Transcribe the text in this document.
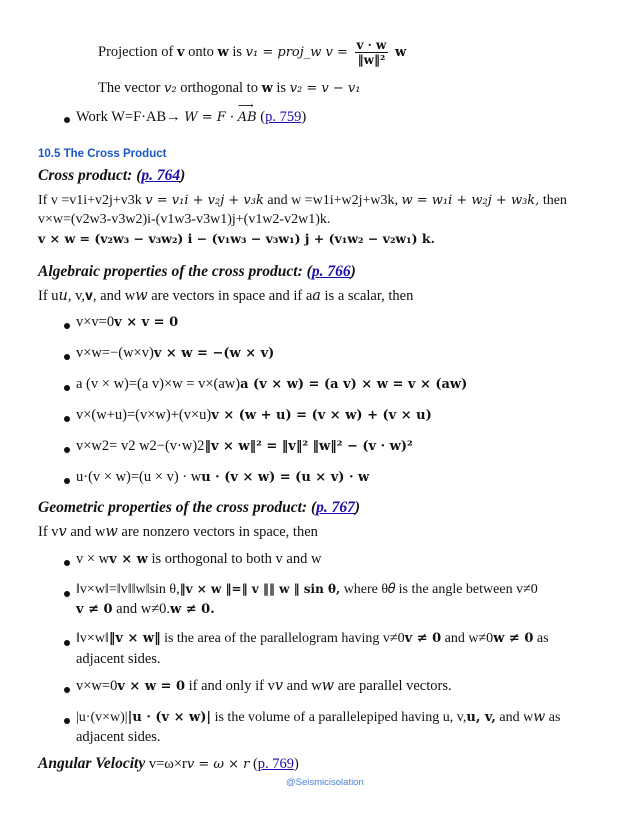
Projection of v onto w is v₁ = proj_w $v = \frac{v \cdot w}{\text{‖w‖²}}$ w
The vector v₂ orthogonal to w is v₂ = v − v₁
Work W=F·AB→ W = F · ⟶ AB (p. 759)
10.5 The Cross Product
Cross product: (p. 764)
If v =v1i+v2j+v3k v = v₁i + v₂j + v₃k and w =w1i+w2j+w3k, w = w₁i + w₂j + w₃k, then
v×w=(v2w3-v3w2)i-(v1w3-v3w1)j+(v1w2-v2w1)k.
v × w = (v₂w₃ − v₃w₂) i − (v₁w₃ − v₃w₁) j + (v₁w₂ − v₂w₁) k.
Algebraic properties of the cross product: (p. 766)
If u𝑢, v,𝐯, and w𝑤 are vectors in space and if a𝑎 is a scalar, then
v×v=0v × v = 0
v×w=−(w×v)v × w = −(w × v)
a (v × w)=(a v)×w = v×(aw)a (v × w) = (a v) × w = v × (aw)
v×(w+u)=(v×w)+(v×u)v × (w + u) = (v × w) + (v × u)
v×w2= v2 w2−(v·w)2‖v × w‖² = ‖v‖² ‖w‖² − (v · w)²
u·(v × w)=(u × v) · wu · (v × w) = (u × v) · w
Geometric properties of the cross product: (p. 767)
If v𝑣 and w𝑤 are nonzero vectors in space, then
v × wv × w is orthogonal to both v and w
‖v×w‖=‖v‖‖w‖sin θ,‖v × w ‖=‖ v ‖‖ w ‖ sin θ, where θ𝜃 is the angle between v≠0
v ≠ 0 and w≠0.w ≠ 0.
‖v×w‖‖v × w‖ is the area of the parallelogram having v≠0v ≠ 0 and w≠0w ≠ 0 as
adjacent sides.
v×w=0v × w = 0 if and only if v𝑣 and w𝑤 are parallel vectors.
|u·(v×w)||u · (v × w)| is the volume of a parallelepiped having u, v,u, v, and w𝑤 as
adjacent sides.
Angular Velocity v=ω×rv = ω × r (p. 769)
@Seismicisolation
